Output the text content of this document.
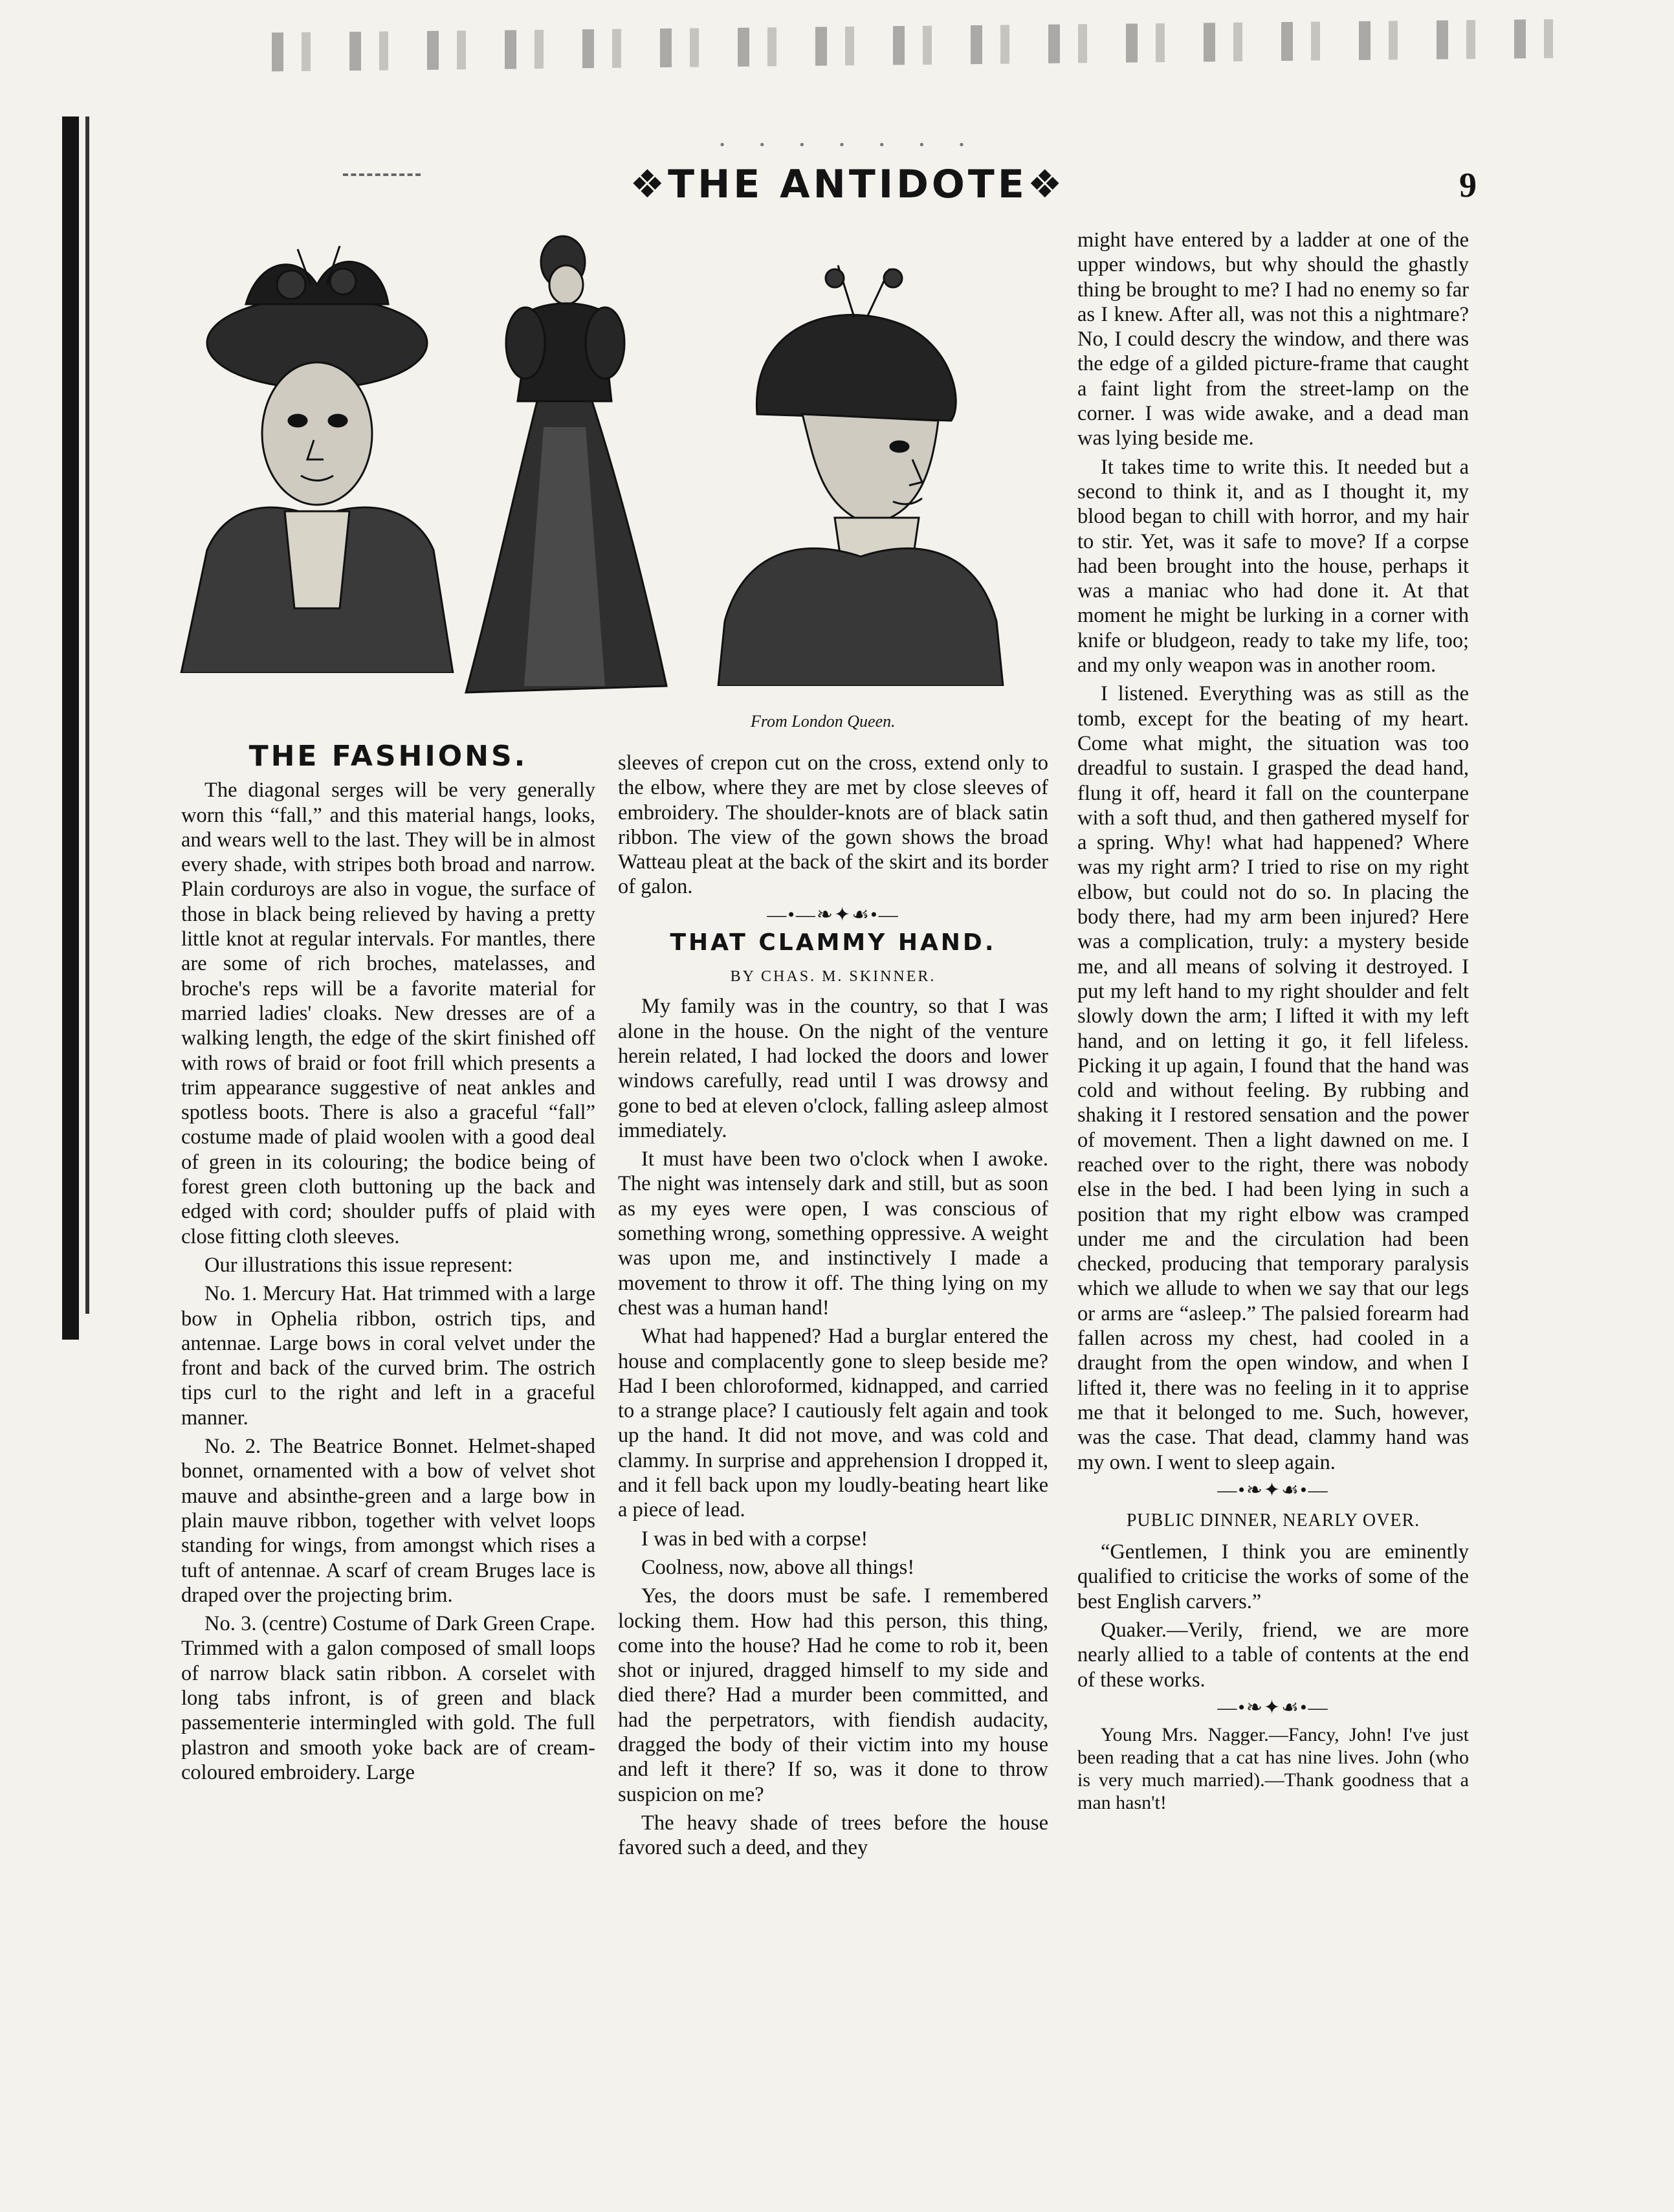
· · · · · · ·
❖THE ANTIDOTE❖	9
From London Queen.
THE FASHIONS.

The diagonal serges will be very generally worn this “fall,” and this material hangs, looks, and wears well to the last. They will be in almost every shade, with stripes both broad and narrow. Plain corduroys are also in vogue, the surface of those in black being relieved by having a pretty little knot at regular intervals. For mantles, there are some of rich broches, matelasses, and broche's reps will be a favorite material for married ladies' cloaks. New dresses are of a walking length, the edge of the skirt finished off with rows of braid or foot frill which presents a trim appearance suggestive of neat ankles and spotless boots. There is also a graceful “fall” costume made of plaid woolen with a good deal of green in its colouring; the bodice being of forest green cloth buttoning up the back and edged with cord; shoulder puffs of plaid with close fitting cloth sleeves.

Our illustrations this issue represent:

No. 1. Mercury Hat. Hat trimmed with a large bow in Ophelia ribbon, ostrich tips, and antennae. Large bows in coral velvet under the front and back of the curved brim. The ostrich tips curl to the right and left in a graceful manner.

No. 2. The Beatrice Bonnet. Helmet-shaped bonnet, ornamented with a bow of velvet shot mauve and absinthe-green and a large bow in plain mauve ribbon, together with velvet loops standing for wings, from amongst which rises a tuft of antennae. A scarf of cream Bruges lace is draped over the projecting brim.

No. 3. (centre) Costume of Dark Green Crape. Trimmed with a galon composed of small loops of narrow black satin ribbon. A corselet with long tabs infront, is of green and black passementerie intermingled with gold. The full plastron and smooth yoke back are of cream-coloured embroidery. Large

sleeves of crepon cut on the cross, extend only to the elbow, where they are met by close sleeves of embroidery. The shoulder-knots are of black satin ribbon. The view of the gown shows the broad Watteau pleat at the back of the skirt and its border of galon.

—•—❧✦☙•—
THAT CLAMMY HAND.
BY CHAS. M. SKINNER.

My family was in the country, so that I was alone in the house. On the night of the venture herein related, I had locked the doors and lower windows carefully, read until I was drowsy and gone to bed at eleven o'clock, falling asleep almost immediately.

It must have been two o'clock when I awoke. The night was intensely dark and still, but as soon as my eyes were open, I was conscious of something wrong, something oppressive. A weight was upon me, and instinctively I made a movement to throw it off. The thing lying on my chest was a human hand!

What had happened? Had a burglar entered the house and complacently gone to sleep beside me? Had I been chloroformed, kidnapped, and carried to a strange place? I cautiously felt again and took up the hand. It did not move, and was cold and clammy. In surprise and apprehension I dropped it, and it fell back upon my loudly-beating heart like a piece of lead.

I was in bed with a corpse!

Coolness, now, above all things!

Yes, the doors must be safe. I remembered locking them. How had this person, this thing, come into the house? Had he come to rob it, been shot or injured, dragged himself to my side and died there? Had a murder been committed, and had the perpetrators, with fiendish audacity, dragged the body of their victim into my house and left it there? If so, was it done to throw suspicion on me?

The heavy shade of trees before the house favored such a deed, and they

might have entered by a ladder at one of the upper windows, but why should the ghastly thing be brought to me? I had no enemy so far as I knew. After all, was not this a nightmare? No, I could descry the window, and there was the edge of a gilded picture-frame that caught a faint light from the street-lamp on the corner. I was wide awake, and a dead man was lying beside me.

It takes time to write this. It needed but a second to think it, and as I thought it, my blood began to chill with horror, and my hair to stir. Yet, was it safe to move? If a corpse had been brought into the house, perhaps it was a maniac who had done it. At that moment he might be lurking in a corner with knife or bludgeon, ready to take my life, too; and my only weapon was in another room.

I listened. Everything was as still as the tomb, except for the beating of my heart. Come what might, the situation was too dreadful to sustain. I grasped the dead hand, flung it off, heard it fall on the counterpane with a soft thud, and then gathered myself for a spring. Why! what had happened? Where was my right arm? I tried to rise on my right elbow, but could not do so. In placing the body there, had my arm been injured? Here was a complication, truly: a mystery beside me, and all means of solving it destroyed. I put my left hand to my right shoulder and felt slowly down the arm; I lifted it with my left hand, and on letting it go, it fell lifeless. Picking it up again, I found that the hand was cold and without feeling. By rubbing and shaking it I restored sensation and the power of movement. Then a light dawned on me. I reached over to the right, there was nobody else in the bed. I had been lying in such a position that my right elbow was cramped under me and the circulation had been checked, producing that temporary paralysis which we allude to when we say that our legs or arms are “asleep.” The palsied forearm had fallen across my chest, had cooled in a draught from the open window, and when I lifted it, there was no feeling in it to apprise me that it belonged to me. Such, however, was the case. That dead, clammy hand was my own. I went to sleep again.

—•❧✦☙•—
PUBLIC DINNER, NEARLY OVER.

“Gentlemen, I think you are eminently qualified to criticise the works of some of the best English carvers.”

Quaker.—Verily, friend, we are more nearly allied to a table of contents at the end of these works.

—•❧✦☙•—

Young Mrs. Nagger.—Fancy, John! I've just been reading that a cat has nine lives. John (who is very much married).—Thank goodness that a man hasn't!
